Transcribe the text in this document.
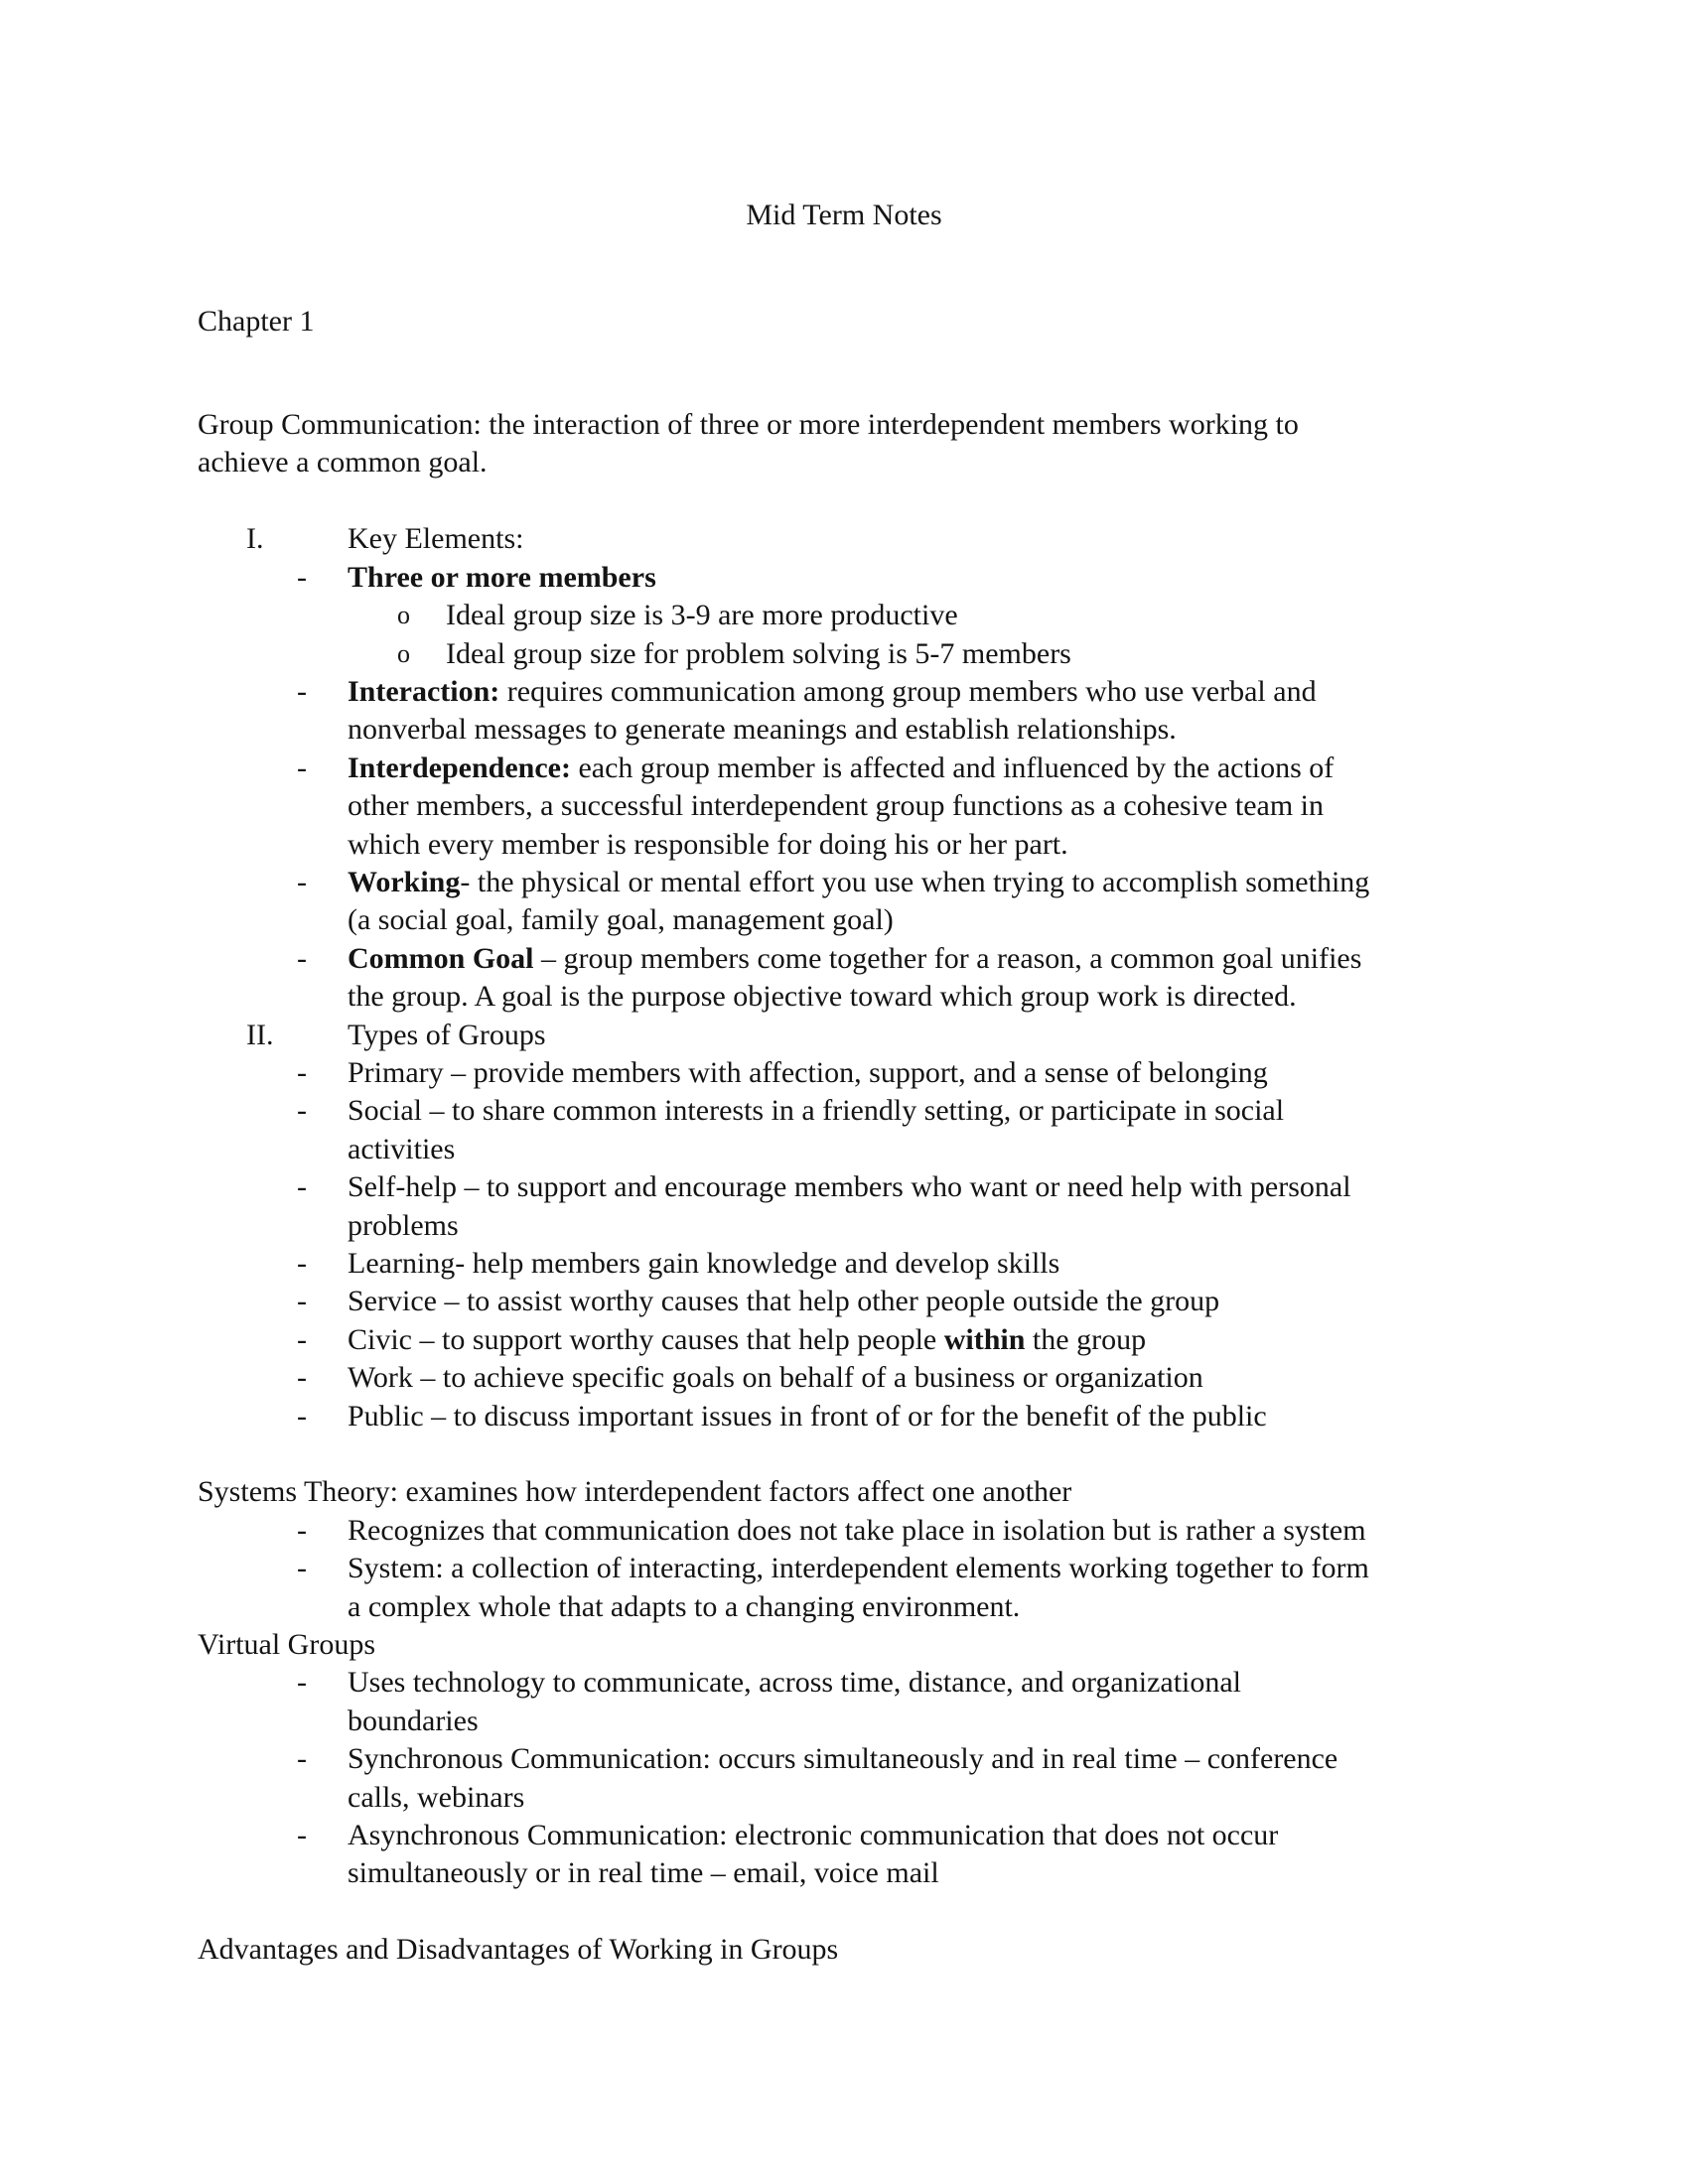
Mid Term Notes
Chapter 1
Group Communication: the interaction of three or more interdependent members working to
achieve a common goal.
I.	Key Elements:
- Three or more members
o Ideal group size is 3-9 are more productive
o Ideal group size for problem solving is 5-7 members
- Interaction: requires communication among group members who use verbal and
nonverbal messages to generate meanings and establish relationships.
- Interdependence: each group member is affected and influenced by the actions of
other members, a successful interdependent group functions as a cohesive team in
which every member is responsible for doing his or her part.
- Working- the physical or mental effort you use when trying to accomplish something
(a social goal, family goal, management goal)
- Common Goal – group members come together for a reason, a common goal unifies
the group. A goal is the purpose objective toward which group work is directed.
II. Types of Groups
- Primary – provide members with affection, support, and a sense of belonging
- Social – to share common interests in a friendly setting, or participate in social
activities
- Self-help – to support and encourage members who want or need help with personal
problems
- Learning- help members gain knowledge and develop skills
- Service – to assist worthy causes that help other people outside the group
- Civic – to support worthy causes that help people within the group
- Work – to achieve specific goals on behalf of a business or organization
- Public – to discuss important issues in front of or for the benefit of the public
Systems Theory: examines how interdependent factors affect one another
- Recognizes that communication does not take place in isolation but is rather a system
- System: a collection of interacting, interdependent elements working together to form
a complex whole that adapts to a changing environment.
Virtual Groups
- Uses technology to communicate, across time, distance, and organizational
boundaries
- Synchronous Communication: occurs simultaneously and in real time – conference
calls, webinars
- Asynchronous Communication: electronic communication that does not occur
simultaneously or in real time – email, voice mail
Advantages and Disadvantages of Working in Groups
